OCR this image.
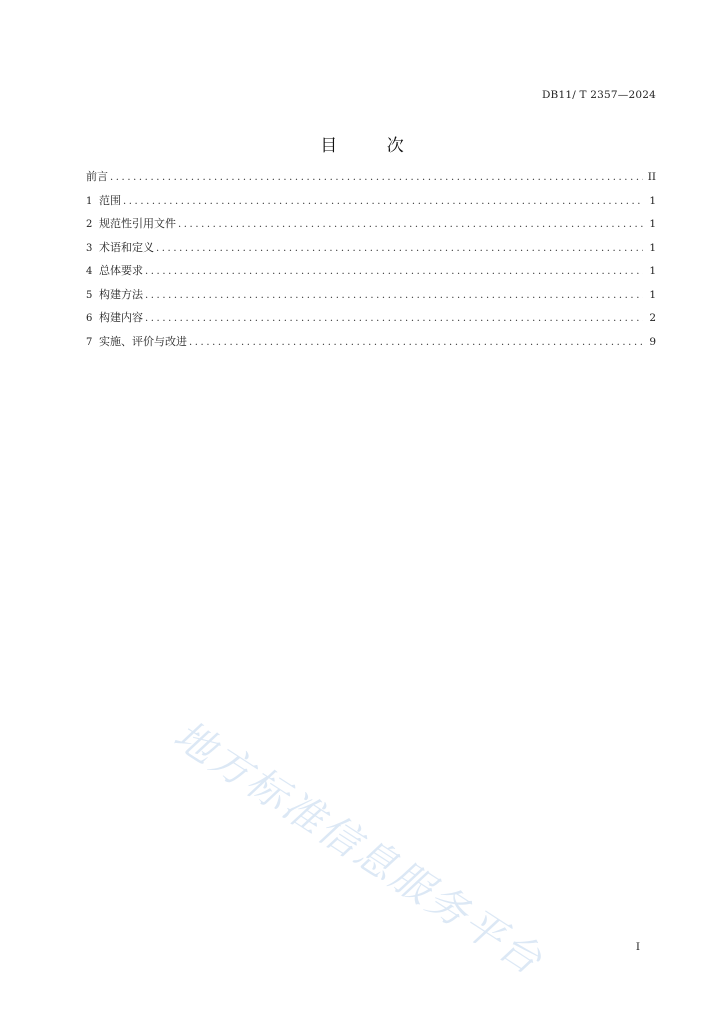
DB11/ T 2357—2024
目 次
前言 .....	II
1 范围 .....	1
2 规范性引用文件 .....	1
3 术语和定义 .....	1
4 总体要求 .....	1
5 构建方法 .....	1
6 构建内容 .....	2
7 实施、评价与改进 .....	9
地方标准信息服务平台	I
